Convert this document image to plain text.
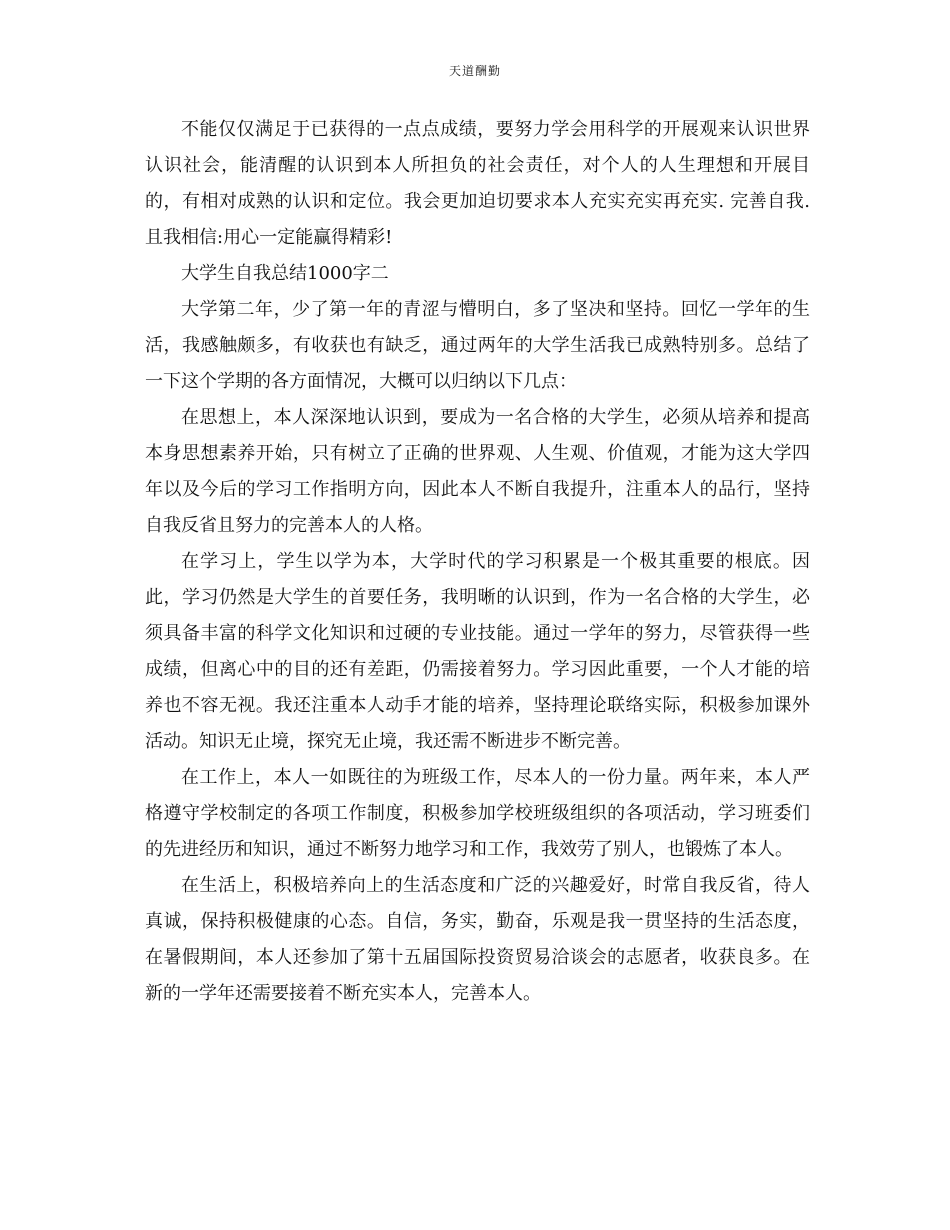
天道酬勤

不能仅仅满足于已获得的一点点成绩，要努力学会用科学的开展观来认识世界认识社会，能清醒的认识到本人所担负的社会责任，对个人的人生理想和开展目的，有相对成熟的认识和定位。我会更加迫切要求本人充实充实再充实. 完善自我. 且我相信:用心一定能赢得精彩!

大学生自我总结1000字二

大学第二年，少了第一年的青涩与懵明白，多了坚决和坚持。回忆一学年的生活，我感触颇多，有收获也有缺乏，通过两年的大学生活我已成熟特别多。总结了一下这个学期的各方面情况，大概可以归纳以下几点：

在思想上，本人深深地认识到，要成为一名合格的大学生，必须从培养和提高本身思想素养开始，只有树立了正确的世界观、人生观、价值观，才能为这大学四年以及今后的学习工作指明方向，因此本人不断自我提升，注重本人的品行，坚持自我反省且努力的完善本人的人格。

在学习上，学生以学为本，大学时代的学习积累是一个极其重要的根底。因此，学习仍然是大学生的首要任务，我明晰的认识到，作为一名合格的大学生，必须具备丰富的科学文化知识和过硬的专业技能。通过一学年的努力，尽管获得一些成绩，但离心中的目的还有差距，仍需接着努力。学习因此重要，一个人才能的培养也不容无视。我还注重本人动手才能的培养，坚持理论联络实际，积极参加课外活动。知识无止境，探究无止境，我还需不断进步不断完善。

在工作上，本人一如既往的为班级工作，尽本人的一份力量。两年来，本人严格遵守学校制定的各项工作制度，积极参加学校班级组织的各项活动，学习班委们的先进经历和知识，通过不断努力地学习和工作，我效劳了别人，也锻炼了本人。

在生活上，积极培养向上的生活态度和广泛的兴趣爱好，时常自我反省，待人真诚，保持积极健康的心态。自信，务实，勤奋，乐观是我一贯坚持的生活态度，在暑假期间，本人还参加了第十五届国际投资贸易洽谈会的志愿者，收获良多。在新的一学年还需要接着不断充实本人，完善本人。
